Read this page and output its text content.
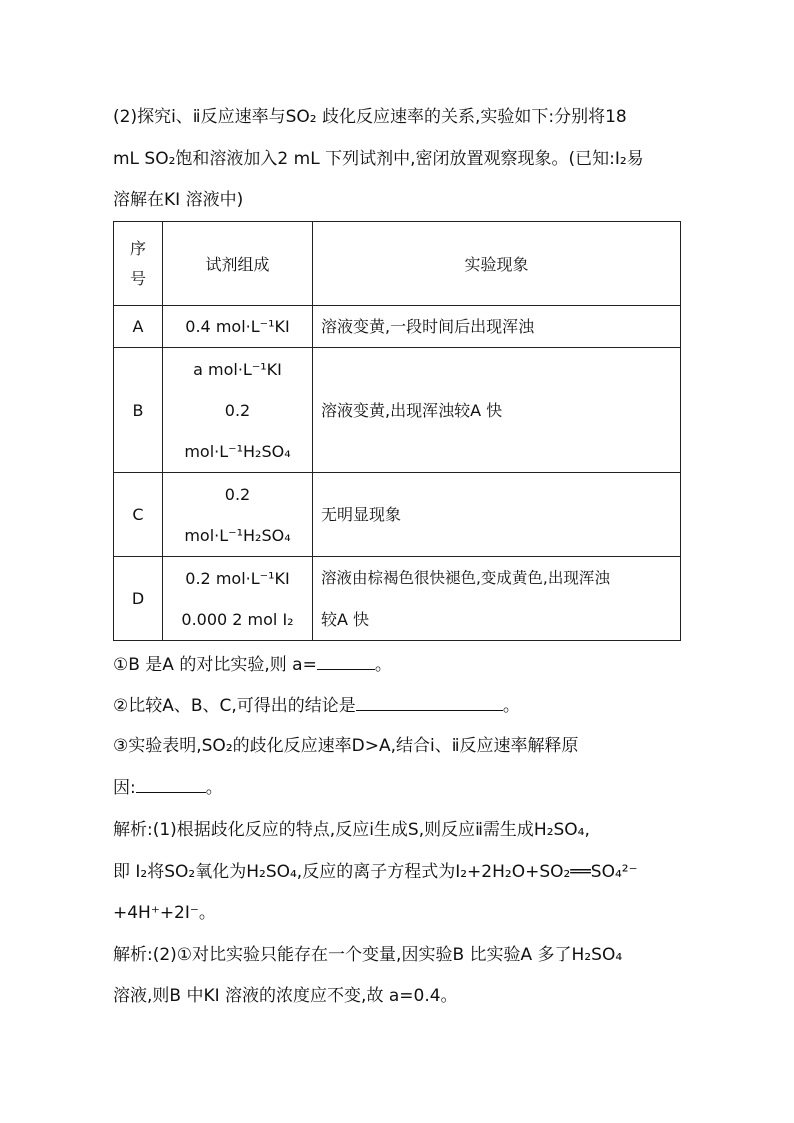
(2)探究ⅰ、ⅱ反应速率与SO₂ 歧化反应速率的关系,实验如下:分别将18
mL SO₂饱和溶液加入2 mL 下列试剂中,密闭放置观察现象。(已知:I₂易
溶解在KI 溶液中)
序
号	试剂组成	实验现象
A	0.4 mol·L⁻¹KI	溶液变黄,一段时间后出现浑浊

B	a mol·L⁻¹KI
0.2
mol·L⁻¹H₂SO₄	溶液变黄,出现浑浊较A 快

C	0.2
mol·L⁻¹H₂SO₄	无明显现象

D	0.2 mol·L⁻¹KI
0.000 2 mol I₂	溶液由棕褐色很快褪色,变成黄色,出现浑浊
较A 快
①B 是A 的对比实验,则 a=	。
②比较A、B、C,可得出的结论是	。
③实验表明,SO₂的歧化反应速率D>A,结合ⅰ、ⅱ反应速率解释原
因:	。
解析:(1)根据歧化反应的特点,反应ⅰ生成S,则反应ⅱ需生成H₂SO₄,
即 I₂将SO₂氧化为H₂SO₄,反应的离子方程式为I₂+2H₂O+SO₂══SO₄²⁻
+4H⁺+2I⁻。
解析:(2)①对比实验只能存在一个变量,因实验B 比实验A 多了H₂SO₄
溶液,则B 中KI 溶液的浓度应不变,故 a=0.4。
